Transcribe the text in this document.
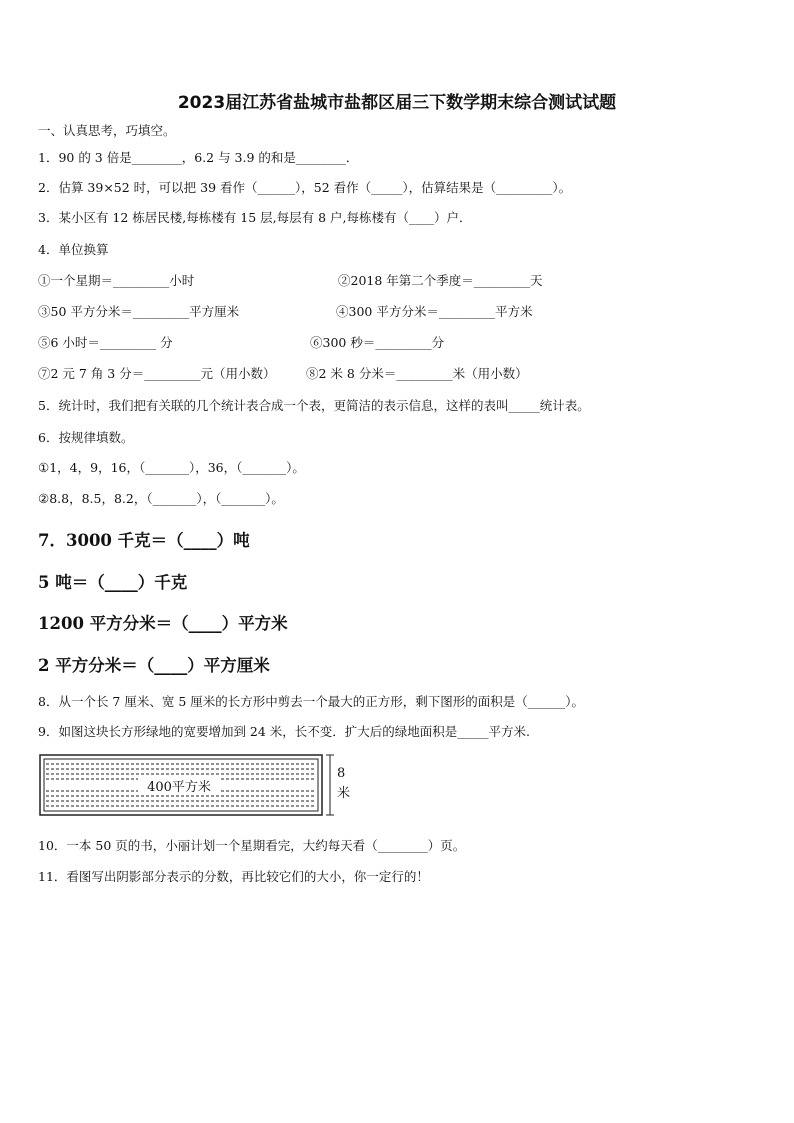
2023届江苏省盐城市盐都区届三下数学期末综合测试试题
一、认真思考，巧填空。
1．90 的 3 倍是________，6.2 与 3.9 的和是________．
2．估算 39×52 时，可以把 39 看作（______），52 看作（_____），估算结果是（_________）。
3．某小区有 12 栋居民楼,每栋楼有 15 层,每层有 8 户,每栋楼有（____）户．
4．单位换算
①一个星期＝_________小时	②2018 年第二个季度＝_________天
③50 平方分米＝_________平方厘米	④300 平方分米＝_________平方米
⑤6 小时＝_________ 分	⑥300 秒＝_________分
⑦2 元 7 角 3 分＝_________元（用小数） ⑧2 米 8 分米＝_________米（用小数）
5．统计时，我们把有关联的几个统计表合成一个表，更简洁的表示信息，这样的表叫_____统计表。
6．按规律填数。
①1，4，9，16，（_______），36，（_______）。
②8.8，8.5，8.2，（_______），（_______）。
7．3000 千克＝（____）吨
5 吨＝（____）千克
1200 平方分米＝（____）平方米
2 平方分米＝（____）平方厘米
8．从一个长 7 厘米、宽 5 厘米的长方形中剪去一个最大的正方形，剩下图形的面积是（______）。
9．如图这块长方形绿地的宽要增加到 24 米，长不变．扩大后的绿地面积是_____平方米.
400平方米
8 米
10．一本 50 页的书，小丽计划一个星期看完，大约每天看（________）页。
11．看图写出阴影部分表示的分数，再比较它们的大小，你一定行的！
